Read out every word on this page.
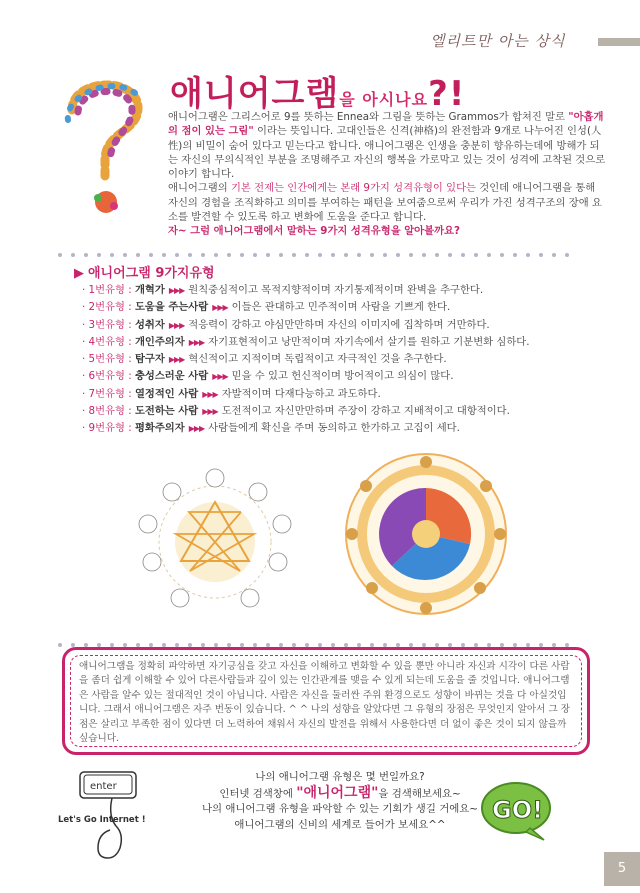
엘리트만 아는 상식
애니어그램을 아시나요?!

애니어그램은 그리스어로 9를 뜻하는 Ennea와 그림을 뜻하는 Grammos가 합쳐진 말로 "아홉개의 점이 있는 그림" 이라는 뜻입니다. 고대인들은 신격(神格)의 완전함과 9개로 나누어진 인성(人性)의 비밀이 숨어 있다고 믿는다고 합니다. 애니어그램은 인생을 충분히 향유하는데에 방해가 되는 자신의 무의식적인 부분을 조명해주고 자신의 행복을 가로막고 있는 것이 성격에 고착된 것으로 이야기 합니다.

애니어그램의 기본 전제는 인간에게는 본래 9가지 성격유형이 있다는 것인데 애니어그램을 통해 자신의 경험을 조직화하고 의미를 부여하는 패턴을 보여줌으로써 우리가 가진 성격구조의 장애 요소를 발견할 수 있도록 하고 변화에 도움을 준다고 합니다.

자~ 그럼 애니어그램에서 말하는 9가지 성격유형을 알아볼까요?

▶ 애니어그램 9가지유형
· 1번유형 : 개혁가 ▶▶▶ 원칙중심적이고 목적지향적이며 자기통제적이며 완벽을 추구한다.
· 2번유형 : 도움을 주는사람 ▶▶▶ 이들은 관대하고 민주적이며 사람을 기쁘게 한다.
· 3번유형 : 성취자 ▶▶▶ 적응력이 강하고 야심만만하며 자신의 이미지에 집착하며 거만하다.
· 4번유형 : 개인주의자 ▶▶▶ 자기표현적이고 낭만적이며 자기속에서 살기를 원하고 기분변화 심하다.
· 5번유형 : 탐구자 ▶▶▶ 혁신적이고 지적이며 독립적이고 자극적인 것을 추구한다.
· 6번유형 : 충성스러운 사람 ▶▶▶ 믿을 수 있고 헌신적이며 방어적이고 의심이 많다.
· 7번유형 : 열정적인 사람 ▶▶▶ 자발적이며 다재다능하고 과도하다.
· 8번유형 : 도전하는 사람 ▶▶▶ 도전적이고 자신만만하며 주장이 강하고 지배적이고 대항적이다.
· 9번유형 : 평화주의자 ▶▶▶ 사람들에게 확신을 주며 동의하고 한가하고 고집이 세다.
애니어그램을 정확히 파악하면 자기긍심을 갖고 자신을 이해하고 변화할 수 있을 뿐만 아니라 자신과 시각이 다른 사람을 좀더 쉽게 이해할 수 있어 다른사람들과 깊이 있는 인간관계를 맺을 수 있게 되는데 도움을 줄 것입니다. 애니어그램은 사람을 알수 있는 절대적인 것이 아닙니다. 사람은 자신을 둘러싼 주위 환경으로도 성향이 바뀌는 것을 다 아실것입니다. 그래서 애니어그램은 자주 번동이 있습니다. ^ ^ 나의 성향을 알았다면 그 유형의 장점은 무엇인지 알아서 그 장점은 살리고 부족한 점이 있다면 더 노력하여 채워서 자신의 발전을 위해서 사용한다면 더 없이 좋은 것이 되지 않을까 싶습니다.
enter
Let's Go Internet !
나의 애니어그램 유형은 몇 번일까요?
인터넷 검색창에 "애니어그램"을 검색해보세요~
나의 애니어그램 유형을 파악할 수 있는 기회가 생길 거에요~
애니어그램의 신비의 세계로 들어가 보세요^^
GO!
5
